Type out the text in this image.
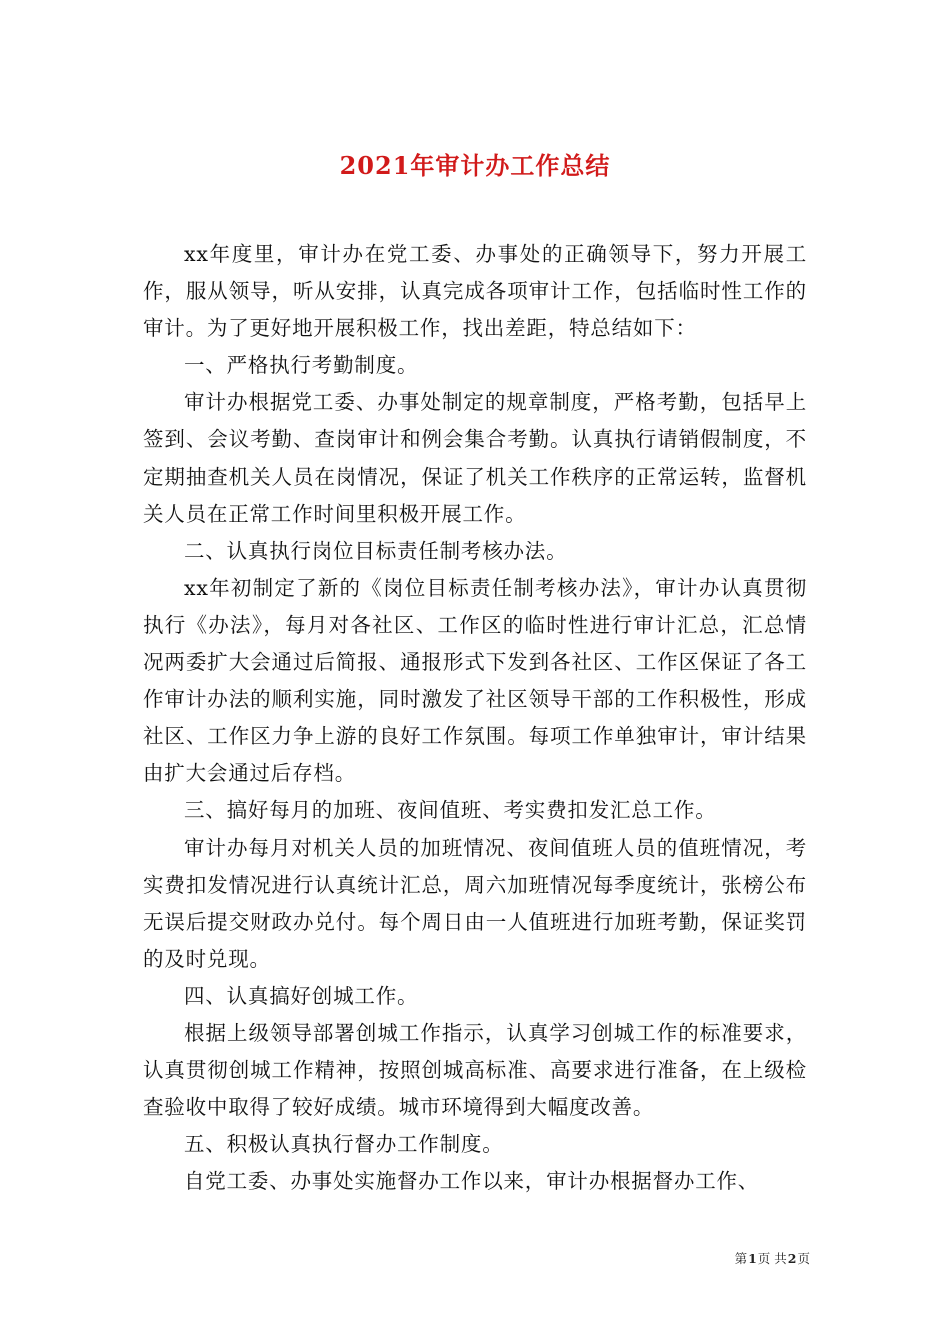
2021年审计办工作总结

xx年度里，审计办在党工委、办事处的正确领导下，努力开展工作，服从领导，听从安排，认真完成各项审计工作，包括临时性工作的审计。为了更好地开展积极工作，找出差距，特总结如下：

一、严格执行考勤制度。

审计办根据党工委、办事处制定的规章制度，严格考勤，包括早上签到、会议考勤、查岗审计和例会集合考勤。认真执行请销假制度，不定期抽查机关人员在岗情况，保证了机关工作秩序的正常运转，监督机关人员在正常工作时间里积极开展工作。

二、认真执行岗位目标责任制考核办法。

xx年初制定了新的《岗位目标责任制考核办法》，审计办认真贯彻执行《办法》，每月对各社区、工作区的临时性进行审计汇总，汇总情况两委扩大会通过后简报、通报形式下发到各社区、工作区保证了各工作审计办法的顺利实施，同时激发了社区领导干部的工作积极性，形成社区、工作区力争上游的良好工作氛围。每项工作单独审计，审计结果由扩大会通过后存档。

三、搞好每月的加班、夜间值班、考实费扣发汇总工作。

审计办每月对机关人员的加班情况、夜间值班人员的值班情况，考实费扣发情况进行认真统计汇总，周六加班情况每季度统计，张榜公布无误后提交财政办兑付。每个周日由一人值班进行加班考勤，保证奖罚的及时兑现。

四、认真搞好创城工作。

根据上级领导部署创城工作指示，认真学习创城工作的标准要求，认真贯彻创城工作精神，按照创城高标准、高要求进行准备，在上级检查验收中取得了较好成绩。城市环境得到大幅度改善。

五、积极认真执行督办工作制度。

自党工委、办事处实施督办工作以来，审计办根据督办工作、

第1页 共2页
